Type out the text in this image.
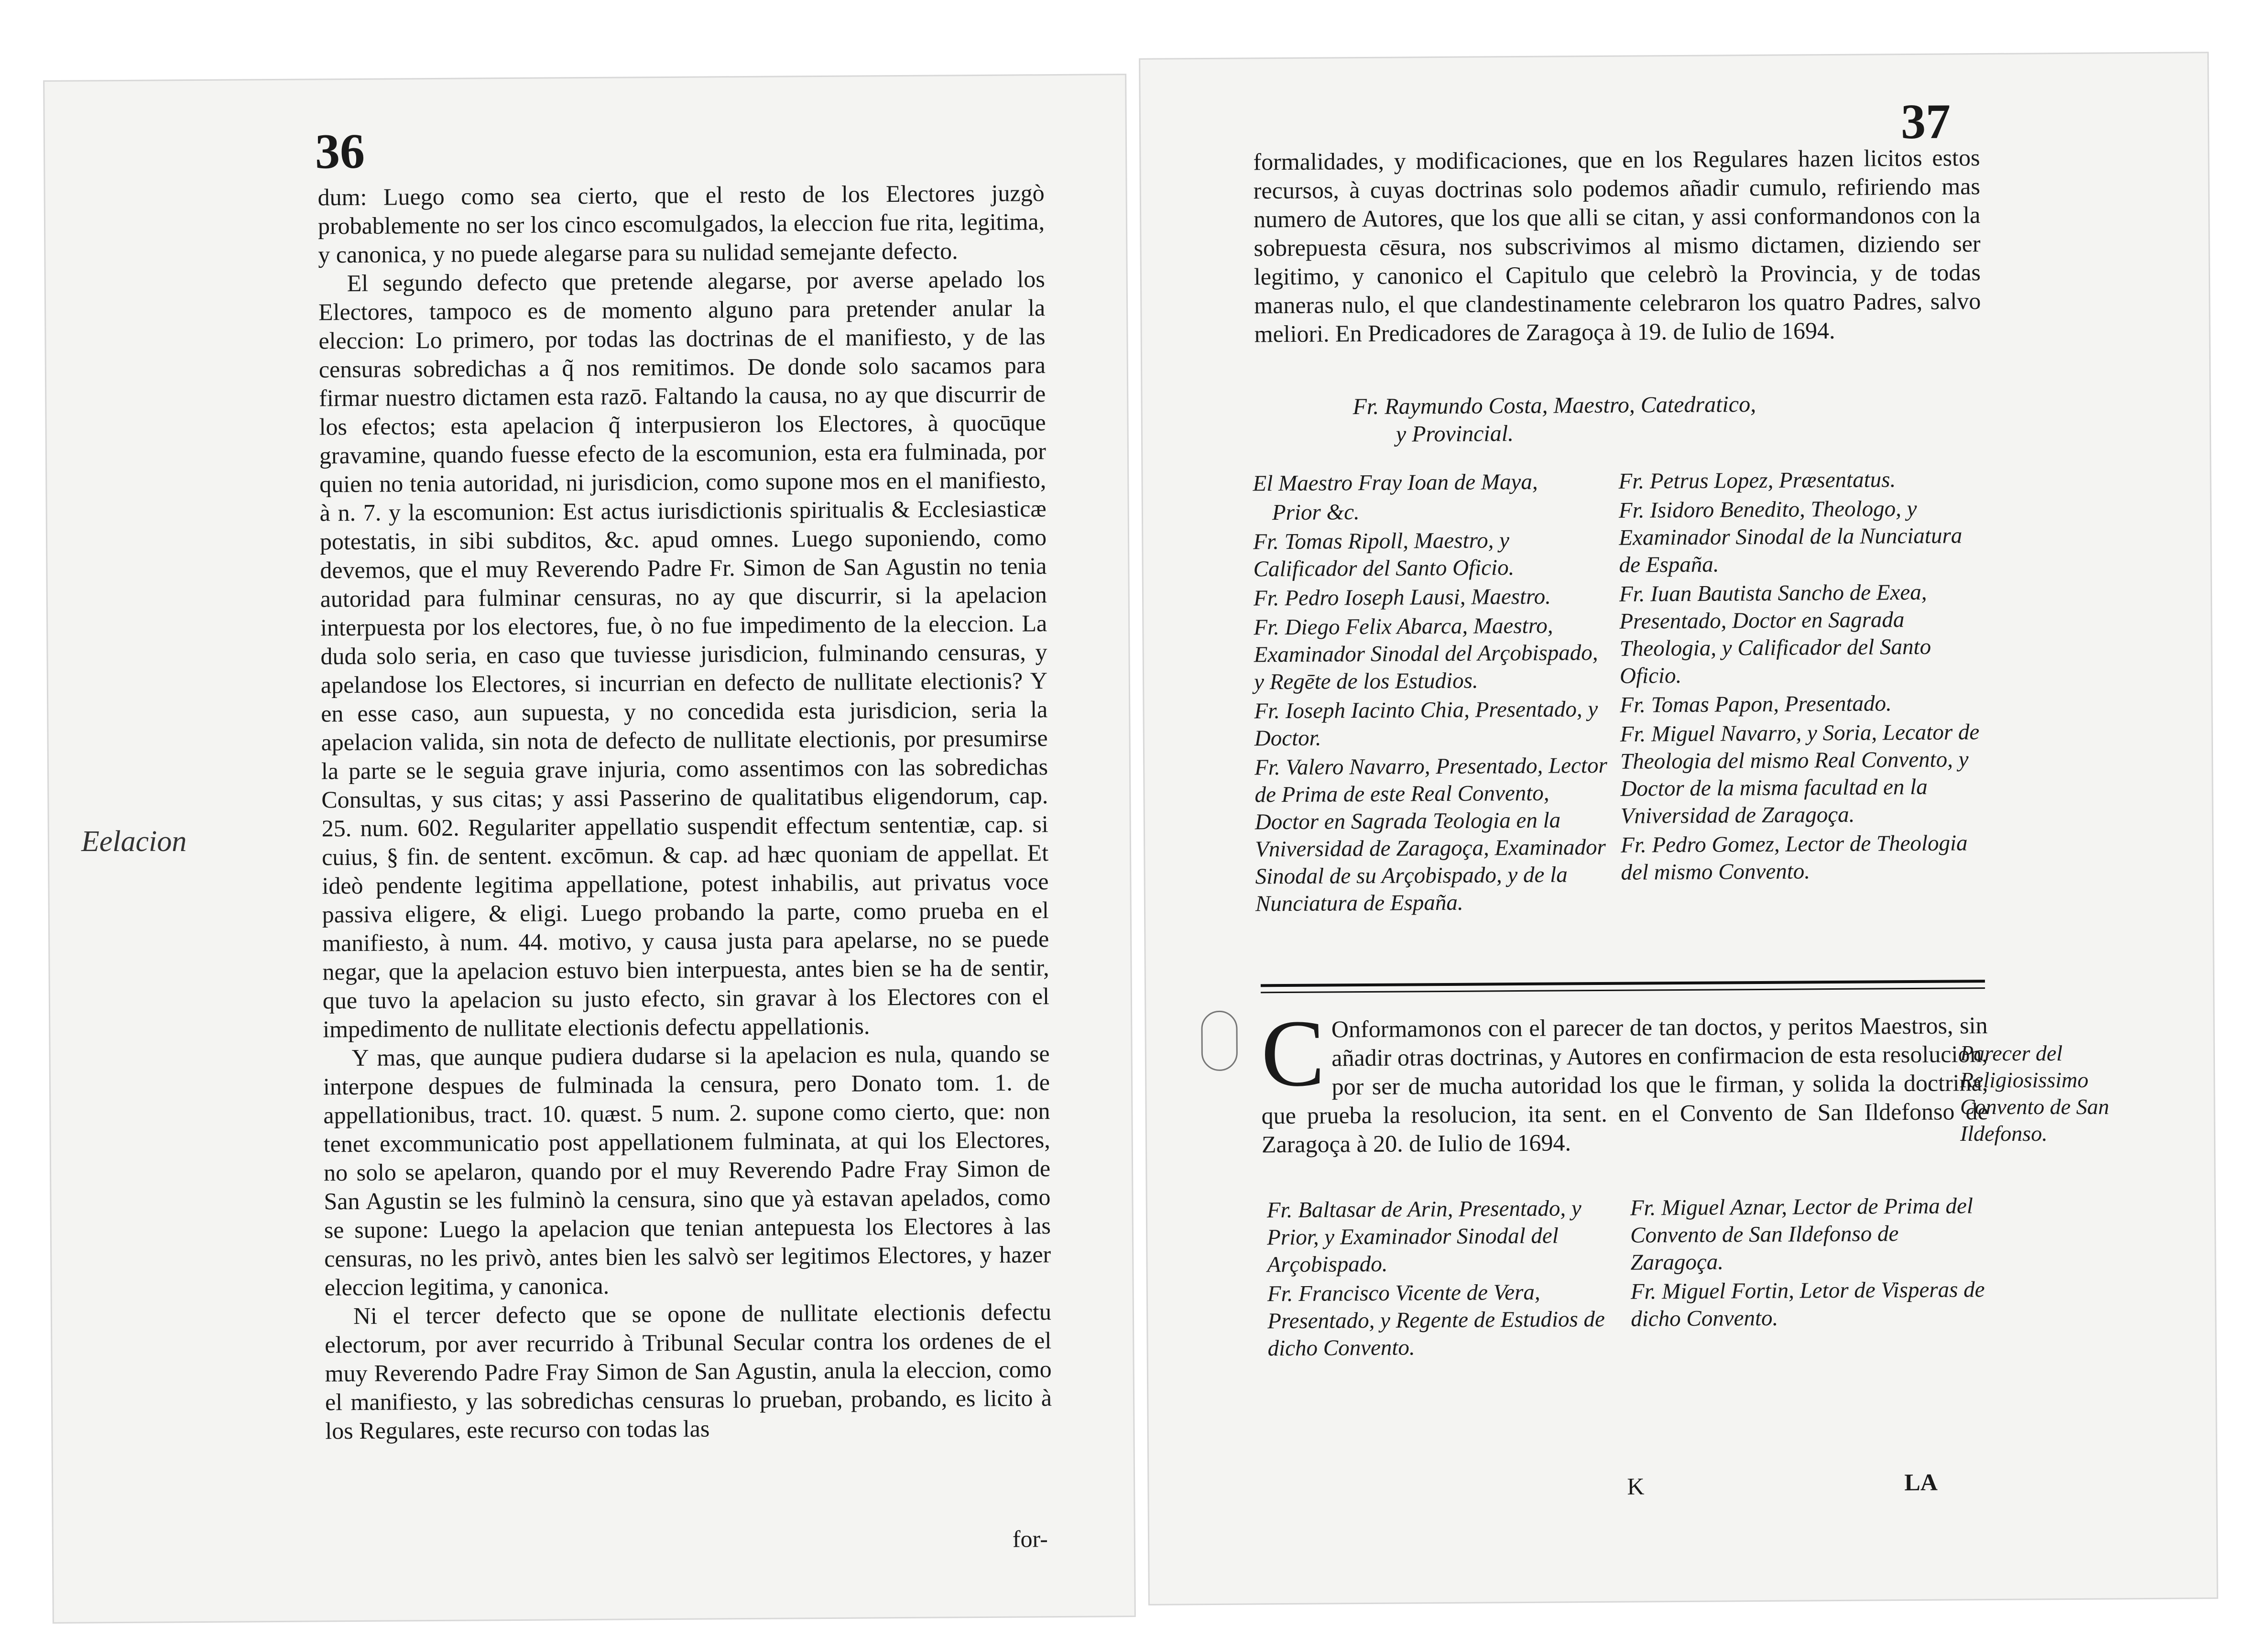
36

dum: Luego como sea cierto, que el resto de los Electores juzgò probablemente no ser los cinco escomulgados, la eleccion fue rita, legitima, y canonica, y no puede alegarse para su nulidad semejante defecto.

El segundo defecto que pretende alegarse, por averse apelado los Electores, tampoco es de momento alguno para pretender anular la eleccion: Lo primero, por todas las doctrinas de el manifiesto, y de las censuras sobredichas a q̃ nos remitimos. De donde solo sacamos para firmar nuestro dictamen esta razō. Faltando la causa, no ay que discurrir de los efectos; esta apelacion q̃ interpusieron los Electores, à quocūque gravamine, quando fuesse efecto de la escomunion, esta era fulminada, por quien no tenia autoridad, ni jurisdicion, como supone mos en el manifiesto, à n. 7. y la escomunion: Est actus iurisdictionis spiritualis & Ecclesiasticæ potestatis, in sibi subditos, &c. apud omnes. Luego suponiendo, como devemos, que el muy Reverendo Padre Fr. Simon de San Agustin no tenia autoridad para fulminar censuras, no ay que discurrir, si la apelacion interpuesta por los electores, fue, ò no fue impedimento de la eleccion. La duda solo seria, en caso que tuviesse jurisdicion, fulminando censuras, y apelandose los Electores, si incurrian en defecto de nullitate electionis? Y en esse caso, aun supuesta, y no concedida esta jurisdicion, seria la apelacion valida, sin nota de defecto de nullitate electionis, por presumirse la parte se le seguia grave injuria, como assentimos con las sobredichas Consultas, y sus citas; y assi Passerino de qualitatibus eligendorum, cap. 25. num. 602. Regulariter appellatio suspendit effectum sententiæ, cap. si cuius, § fin. de sentent. excōmun. & cap. ad hæc quoniam de appellat. Et ideò pendente legitima appellatione, potest inhabilis, aut privatus voce passiva eligere, & eligi. Luego probando la parte, como prueba en el manifiesto, à num. 44. motivo, y causa justa para apelarse, no se puede negar, que la apelacion estuvo bien interpuesta, antes bien se ha de sentir, que tuvo la apelacion su justo efecto, sin gravar à los Electores con el impedimento de nullitate electionis defectu appellationis.

Y mas, que aunque pudiera dudarse si la apelacion es nula, quando se interpone despues de fulminada la censura, pero Donato tom. 1. de appellationibus, tract. 10. quæst. 5 num. 2. supone como cierto, que: non tenet excommunicatio post appellationem fulminata, at qui los Electores, no solo se apelaron, quando por el muy Reverendo Padre Fray Simon de San Agustin se les fulminò la censura, sino que yà estavan apelados, como se supone: Luego la apelacion que tenian antepuesta los Electores à las censuras, no les privò, antes bien les salvò ser legitimos Electores, y hazer eleccion legitima, y canonica.

Ni el tercer defecto que se opone de nullitate electionis defectu electorum, por aver recurrido à Tribunal Secular contra los ordenes de el muy Reverendo Padre Fray Simon de San Agustin, anula la eleccion, como el manifiesto, y las sobredichas censuras lo prueban, probando, es licito à los Regulares, este recurso con todas las

for-
Eelacion
37

formalidades, y modificaciones, que en los Regulares hazen licitos estos recursos, à cuyas doctrinas solo podemos añadir cumulo, refiriendo mas numero de Autores, que los que alli se citan, y assi conformandonos con la sobrepuesta cēsura, nos subscrivimos al mismo dictamen, diziendo ser legitimo, y canonico el Capitulo que celebrò la Provincia, y de todas maneras nulo, el que clandestinamente celebraron los quatro Padres, salvo meliori. En Predicadores de Zaragoça à 19. de Iulio de 1694.

Fr. Raymundo Costa, Maestro, Catedratico,
y Provincial.
El Maestro Fray Ioan de Maya,
Prior &c.
Fr. Tomas Ripoll, Maestro, y Calificador del Santo Oficio.
Fr. Pedro Ioseph Lausi, Maestro.
Fr. Diego Felix Abarca, Maestro, Examinador Sinodal del Arçobispado, y Regēte de los Estudios.
Fr. Ioseph Iacinto Chia, Presentado, y Doctor.
Fr. Valero Navarro, Presentado, Lector de Prima de este Real Convento, Doctor en Sagrada Teologia en la Vniversidad de Zaragoça, Examinador Sinodal de su Arçobispado, y de la Nunciatura de España.
Fr. Petrus Lopez, Præsentatus.
Fr. Isidoro Benedito, Theologo, y Examinador Sinodal de la Nunciatura de España.
Fr. Iuan Bautista Sancho de Exea, Presentado, Doctor en Sagrada Theologia, y Calificador del Santo Oficio.
Fr. Tomas Papon, Presentado.
Fr. Miguel Navarro, y Soria, Lecator de Theologia del mismo Real Convento, y Doctor de la misma facultad en la Vniversidad de Zaragoça.
Fr. Pedro Gomez, Lector de Theologia del mismo Convento.
C Onformamonos con el parecer de tan doctos, y peritos Maestros, sin añadir otras doctrinas, y Autores en confirmacion de esta resolucion, por ser de mucha autoridad los que le firman, y solida la doctrina, que prueba la resolucion, ita sent. en el Convento de San Ildefonso de Zaragoça à 20. de Iulio de 1694.
Fr. Baltasar de Arin, Presentado, y Prior, y Examinador Sinodal del Arçobispado.
Fr. Francisco Vicente de Vera, Presentado, y Regente de Estudios de dicho Convento.
Fr. Miguel Aznar, Lector de Prima del Convento de San Ildefonso de Zaragoça.
Fr. Miguel Fortin, Letor de Visperas de dicho Convento.
K	LA
Parecer del Religiosissimo Convento de San Ildefonso.
